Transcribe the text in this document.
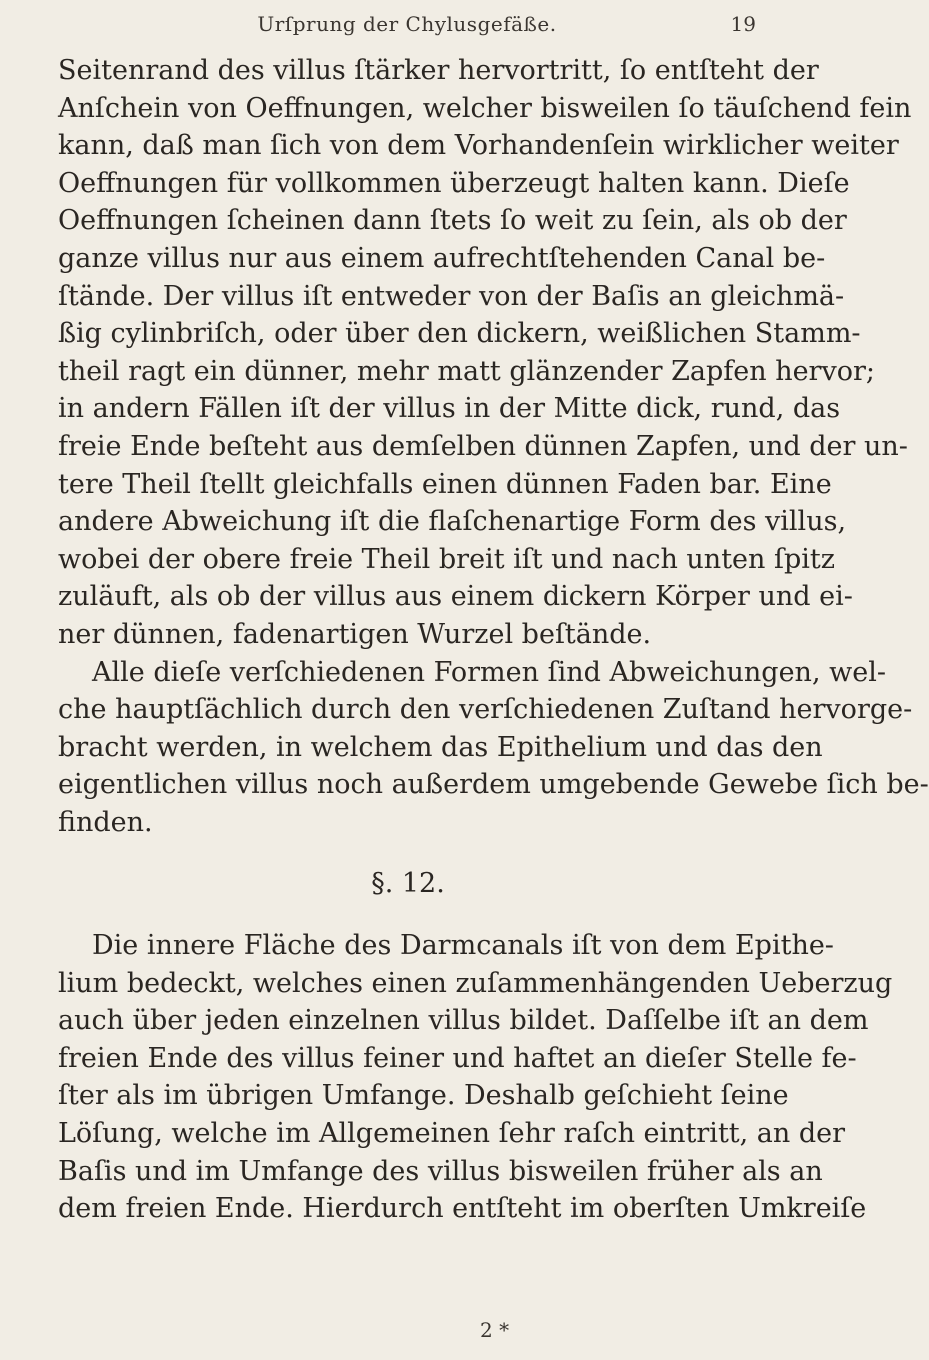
Urſprung der Chylusgefäße.	19
Seitenrand des villus ſtärker hervortritt, ſo entſteht der
Anſchein von Oeffnungen, welcher bisweilen ſo täuſchend fein
kann, daß man ſich von dem Vorhandenſein wirklicher weiter
Oeffnungen für vollkommen überzeugt halten kann. Dieſe
Oeffnungen ſcheinen dann ſtets ſo weit zu ſein, als ob der
ganze villus nur aus einem aufrechtſtehenden Canal be-
ſtände. Der villus iſt entweder von der Baſis an gleichmä-
ßig cylinbriſch, oder über den dickern, weißlichen Stamm-
theil ragt ein dünner, mehr matt glänzender Zapfen hervor;
in andern Fällen iſt der villus in der Mitte dick, rund, das
freie Ende beſteht aus demſelben dünnen Zapfen, und der un-
tere Theil ſtellt gleichfalls einen dünnen Faden bar. Eine
andere Abweichung iſt die flaſchenartige Form des villus,
wobei der obere freie Theil breit iſt und nach unten ſpitz
zuläuft, als ob der villus aus einem dickern Körper und ei-
ner dünnen, fadenartigen Wurzel beſtände.
Alle dieſe verſchiedenen Formen ſind Abweichungen, wel-
che hauptſächlich durch den verſchiedenen Zuſtand hervorge-
bracht werden, in welchem das Epithelium und das den
eigentlichen villus noch außerdem umgebende Gewebe ſich be-
finden.
§. 12.
Die innere Fläche des Darmcanals iſt von dem Epithe-
lium bedeckt, welches einen zuſammenhängenden Ueberzug
auch über jeden einzelnen villus bildet. Daſſelbe iſt an dem
freien Ende des villus feiner und haftet an dieſer Stelle fe-
ſter als im übrigen Umfange. Deshalb geſchieht ſeine
Löſung, welche im Allgemeinen ſehr raſch eintritt, an der
Baſis und im Umfange des villus bisweilen früher als an
dem freien Ende. Hierdurch entſteht im oberſten Umkreiſe
2 *
